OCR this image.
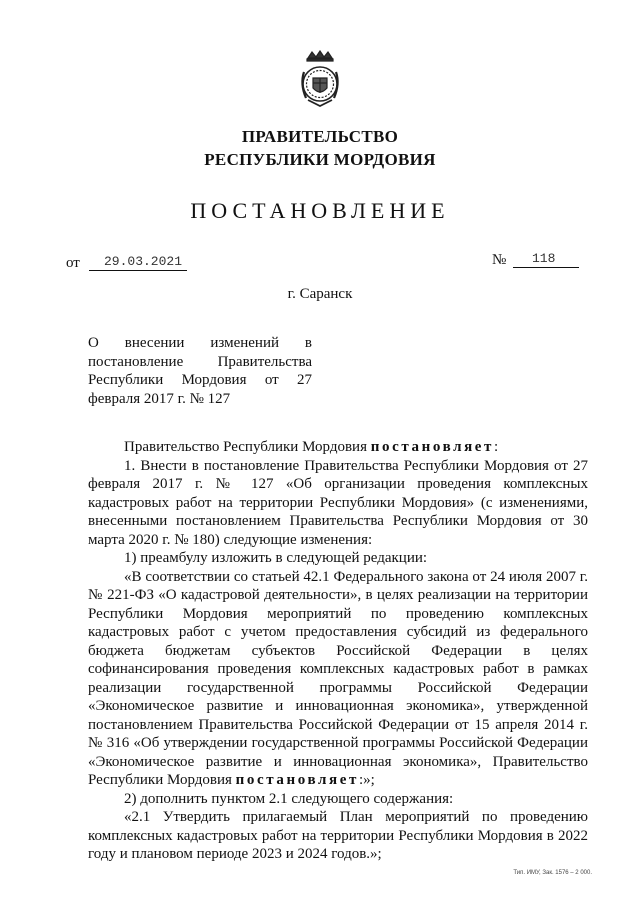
ПРАВИТЕЛЬСТВО
РЕСПУБЛИКИ МОРДОВИЯ
ПОСТАНОВЛЕНИЕ
от 29.03.2021	№ 118
г. Саранск
О внесении изменений в
постановление Правительства
Республики Мордовия от 27
февраля 2017 г. № 127

Правительство Республики Мордовия постановляет:

1. Внести в постановление Правительства Республики Мордовия от 27 февраля 2017 г. № 127 «Об организации проведения комплексных кадастровых работ на территории Республики Мордовия» (с изменениями, внесенными постановлением Правительства Республики Мордовия от 30 марта 2020 г. № 180) следующие изменения:

1) преамбулу изложить в следующей редакции:

«В соответствии со статьей 42.1 Федерального закона от 24 июля 2007 г. № 221-ФЗ «О кадастровой деятельности», в целях реализации на территории Республики Мордовия мероприятий по проведению комплексных кадастровых работ с учетом предоставления субсидий из федерального бюджета бюджетам субъектов Российской Федерации в целях софинансирования проведения комплексных кадастровых работ в рамках реализации государственной программы Российской Федерации «Экономическое развитие и инновационная экономика», утвержденной постановлением Правительства Российской Федерации от 15 апреля 2014 г. № 316 «Об утверждении государственной программы Российской Федерации «Экономическое развитие и инновационная экономика», Правительство Республики Мордовия постановляет:»;

2) дополнить пунктом 2.1 следующего содержания:

«2.1 Утвердить прилагаемый План мероприятий по проведению комплексных кадастровых работ на территории Республики Мордовия в 2022 году и плановом периоде 2023 и 2024 годов.»;

Тип. ИМУ, Зак. 1576 – 2 000.
